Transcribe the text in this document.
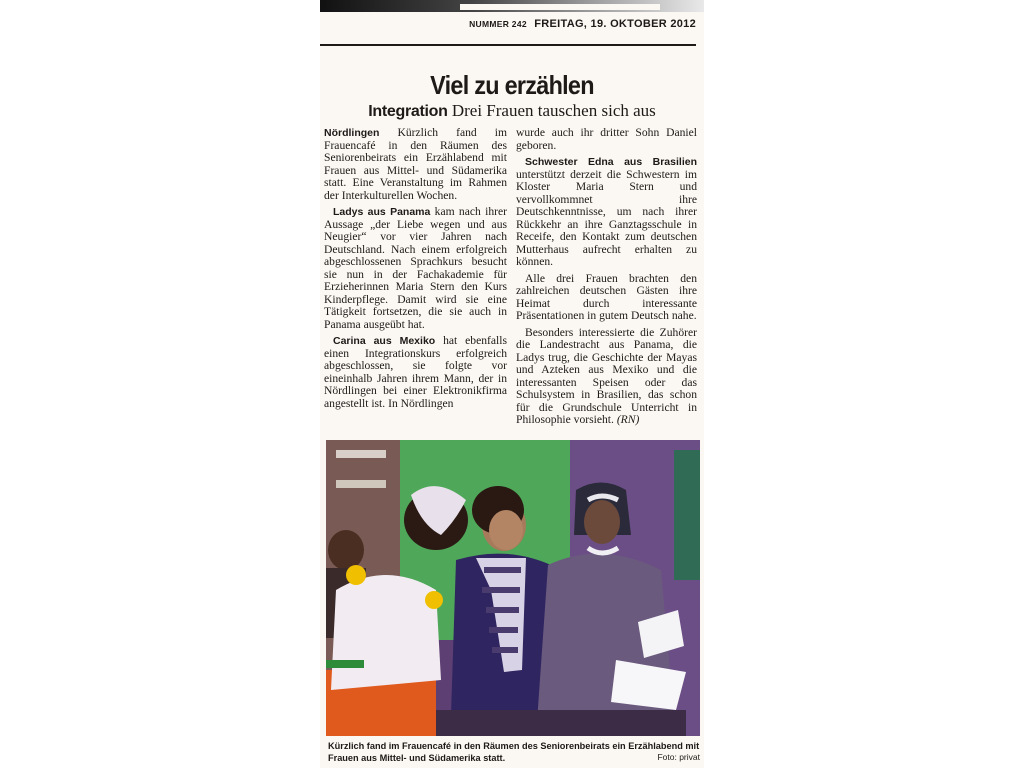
NUMMER 242 FREITAG, 19. OKTOBER 2012
Viel zu erzählen
Integration Drei Frauen tauschen sich aus

Nördlingen Kürzlich fand im Frauencafé in den Räumen des Seniorenbeirats ein Erzählabend mit Frauen aus Mittel- und Südamerika statt. Eine Veranstaltung im Rahmen der Interkulturellen Wochen.

Ladys aus Panama kam nach ihrer Aussage „der Liebe wegen und aus Neugier“ vor vier Jahren nach Deutschland. Nach einem erfolgreich abgeschlossenen Sprachkurs besucht sie nun in der Fachakademie für Erzieherinnen Maria Stern den Kurs Kinderpflege. Damit wird sie eine Tätigkeit fortsetzen, die sie auch in Panama ausgeübt hat.

Carina aus Mexiko hat ebenfalls einen Integrationskurs erfolgreich abgeschlossen, sie folgte vor eineinhalb Jahren ihrem Mann, der in Nördlingen bei einer Elektronikfirma angestellt ist. In Nördlingen

wurde auch ihr dritter Sohn Daniel geboren.

Schwester Edna aus Brasilien unterstützt derzeit die Schwestern im Kloster Maria Stern und vervollkommnet ihre Deutschkenntnisse, um nach ihrer Rückkehr an ihre Ganztagsschule in Receife, den Kontakt zum deutschen Mutterhaus aufrecht erhalten zu können.

Alle drei Frauen brachten den zahlreichen deutschen Gästen ihre Heimat durch interessante Präsentationen in gutem Deutsch nahe.

Besonders interessierte die Zuhörer die Landestracht aus Panama, die Ladys trug, die Geschichte der Mayas und Azteken aus Mexiko und die interessanten Speisen oder das Schulsystem in Brasilien, das schon für die Grundschule Unterricht in Philosophie vorsieht. (RN)

Kürzlich fand im Frauencafé in den Räumen des Seniorenbeirats ein Erzählabend mit Frauen aus Mittel- und Südamerika statt.	Foto: privat
